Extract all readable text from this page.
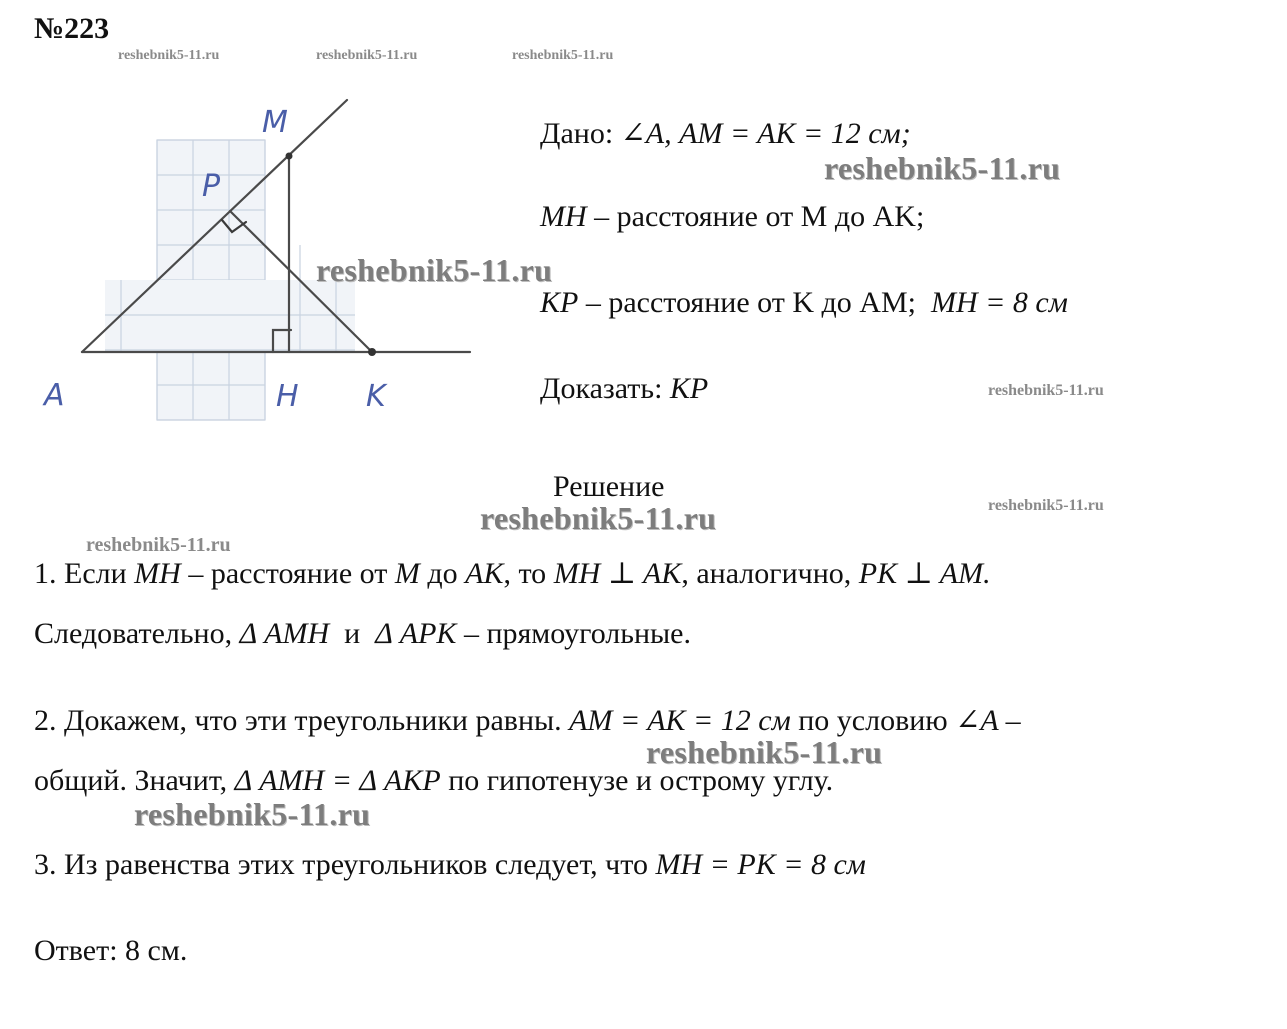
№223
reshebnik5-11.ru	reshebnik5-11.ru	reshebnik5-11.ru
A	H K
M
P
Дано: ∠A, AM = AK = 12 см;
MH – расстояние от M до AK;
KP – расстояние от K до AM; MH = 8 см
Доказать: KP
reshebnik5-11.ru
reshebnik5-11.ru
reshebnik5-11.ru
Решение
reshebnik5-11.ru	reshebnik5-11.ru
reshebnik5-11.ru
1. Если MH – расстояние от M до AK, то MH ⊥ AK, аналогично, PK ⊥ AM.
Следовательно, Δ AMH и Δ APK – прямоугольные.
2. Докажем, что эти треугольники равны. AM = AK = 12 см по условию ∠A –
reshebnik5-11.ru
общий. Значит, Δ AMH = Δ AKP по гипотенузе и острому углу.
reshebnik5-11.ru
3. Из равенства этих треугольников следует, что MH = PK = 8 см
Ответ: 8 см.
